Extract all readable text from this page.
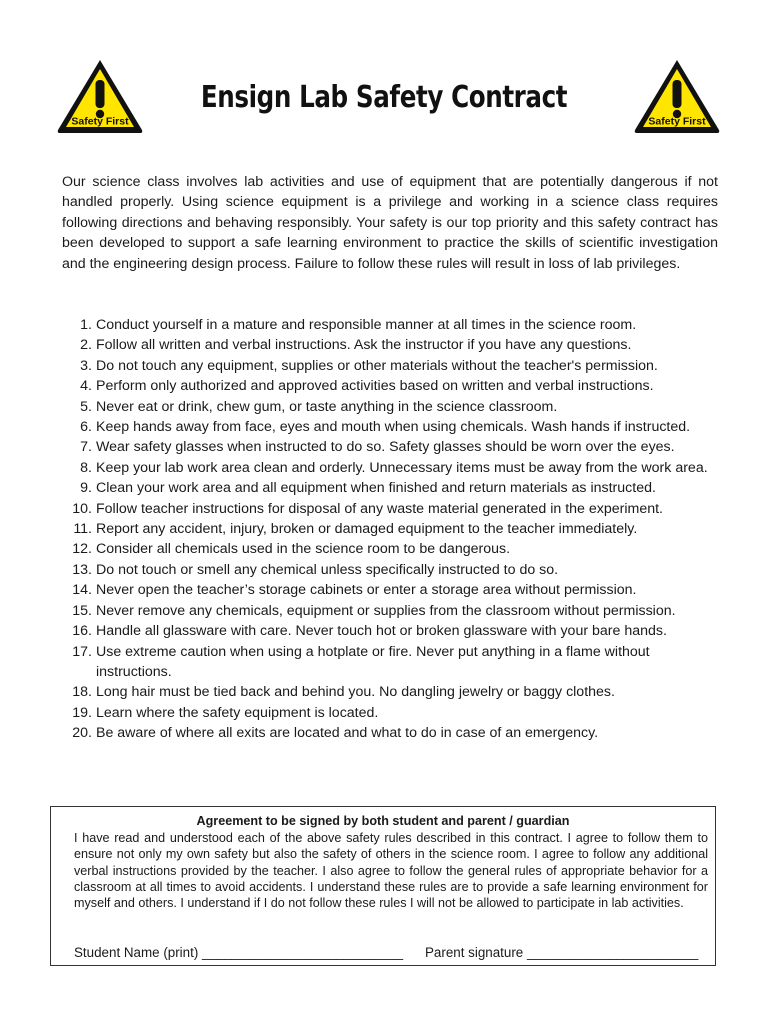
Safety First
Ensign Lab Safety Contract
Safety First

Our science class involves lab activities and use of equipment that are potentially dangerous if not handled properly. Using science equipment is a privilege and working in a science class requires following directions and behaving responsibly. Your safety is our top priority and this safety contract has been developed to support a safe learning environment to practice the skills of scientific investigation and the engineering design process. Failure to follow these rules will result in loss of lab privileges.

1. Conduct yourself in a mature and responsible manner at all times in the science room.
2. Follow all written and verbal instructions. Ask the instructor if you have any questions.
3. Do not touch any equipment, supplies or other materials without the teacher's permission.
4. Perform only authorized and approved activities based on written and verbal instructions.
5. Never eat or drink, chew gum, or taste anything in the science classroom.
6. Keep hands away from face, eyes and mouth when using chemicals. Wash hands if instructed.
7. Wear safety glasses when instructed to do so. Safety glasses should be worn over the eyes.
8. Keep your lab work area clean and orderly. Unnecessary items must be away from the work area.
9. Clean your work area and all equipment when finished and return materials as instructed.
10. Follow teacher instructions for disposal of any waste material generated in the experiment.
11. Report any accident, injury, broken or damaged equipment to the teacher immediately.
12. Consider all chemicals used in the science room to be dangerous.
13. Do not touch or smell any chemical unless specifically instructed to do so.
14. Never open the teacher’s storage cabinets or enter a storage area without permission.
15. Never remove any chemicals, equipment or supplies from the classroom without permission.
16. Handle all glassware with care. Never touch hot or broken glassware with your bare hands.
17. Use extreme caution when using a hotplate or fire. Never put anything in a flame without instructions.
18. Long hair must be tied back and behind you. No dangling jewelry or baggy clothes.
19. Learn where the safety equipment is located.
20. Be aware of where all exits are located and what to do in case of an emergency.
Agreement to be signed by both student and parent / guardian

I have read and understood each of the above safety rules described in this contract. I agree to follow them to ensure not only my own safety but also the safety of others in the science room. I agree to follow any additional verbal instructions provided by the teacher. I also agree to follow the general rules of appropriate behavior for a classroom at all times to avoid accidents. I understand these rules are to provide a safe learning environment for myself and others. I understand if I do not follow these rules I will not be allowed to participate in lab activities.

Student Name (print) ___________________________ Parent signature _______________________
